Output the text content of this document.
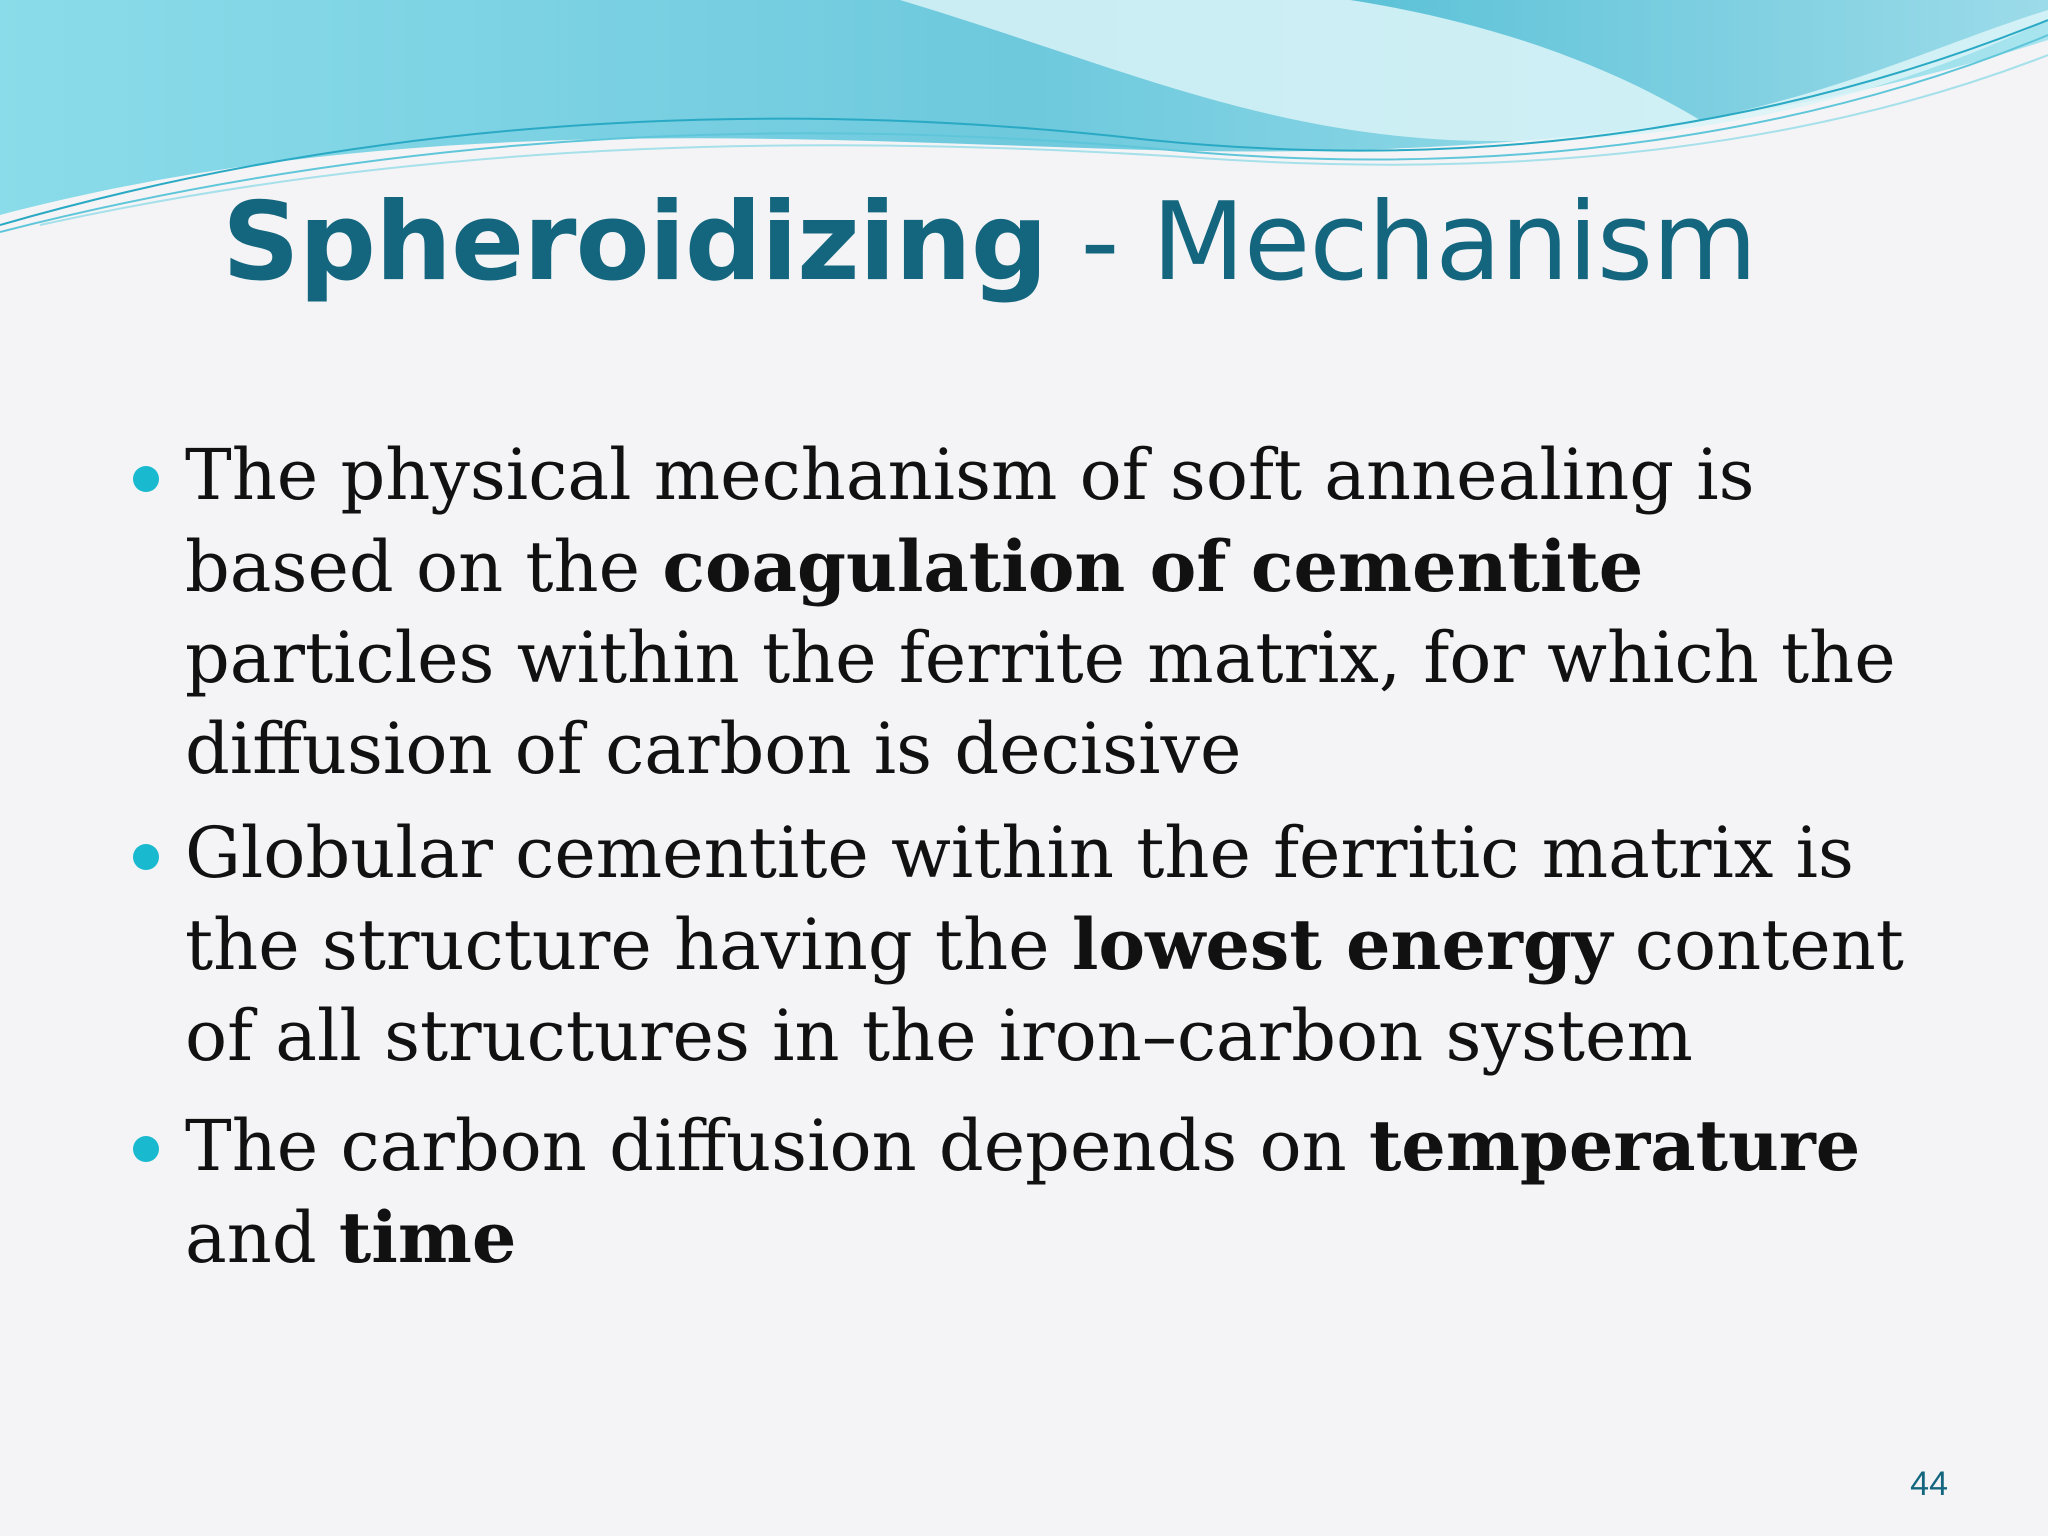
Spheroidizing - Mechanism
The physical mechanism of soft annealing is based on the coagulation of cementite particles within the ferrite matrix, for which the diffusion of carbon is decisive
Globular cementite within the ferritic matrix is the structure having the lowest energy content of all structures in the iron–carbon system
The carbon diffusion depends on temperature and time
44
